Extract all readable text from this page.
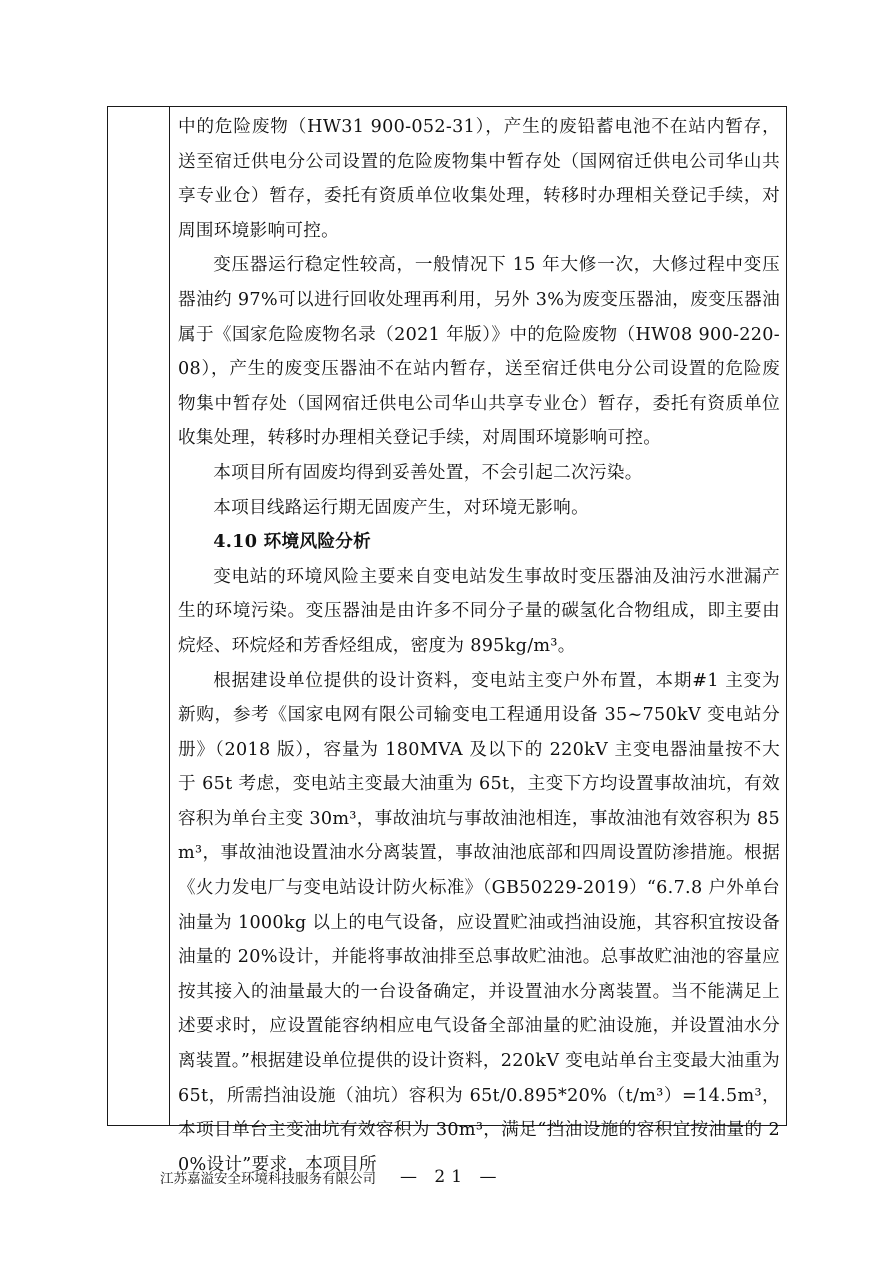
中的危险废物（HW31 900-052-31），产生的废铅蓄电池不在站内暂存，送至宿迁供电分公司设置的危险废物集中暂存处（国网宿迁供电公司华山共享专业仓）暂存，委托有资质单位收集处理，转移时办理相关登记手续，对周围环境影响可控。

变压器运行稳定性较高，一般情况下 15 年大修一次，大修过程中变压器油约 97%可以进行回收处理再利用，另外 3%为废变压器油，废变压器油属于《国家危险废物名录（2021 年版）》中的危险废物（HW08 900-220-08），产生的废变压器油不在站内暂存，送至宿迁供电分公司设置的危险废物集中暂存处（国网宿迁供电公司华山共享专业仓）暂存，委托有资质单位收集处理，转移时办理相关登记手续，对周围环境影响可控。

本项目所有固废均得到妥善处置，不会引起二次污染。

本项目线路运行期无固废产生，对环境无影响。

4.10 环境风险分析

变电站的环境风险主要来自变电站发生事故时变压器油及油污水泄漏产生的环境污染。变压器油是由许多不同分子量的碳氢化合物组成，即主要由烷烃、环烷烃和芳香烃组成，密度为 895kg/m³。

根据建设单位提供的设计资料，变电站主变户外布置，本期#1 主变为新购，参考《国家电网有限公司输变电工程通用设备 35~750kV 变电站分册》（2018 版），容量为 180MVA 及以下的 220kV 主变电器油量按不大于 65t 考虑，变电站主变最大油重为 65t，主变下方均设置事故油坑，有效容积为单台主变 30m³，事故油坑与事故油池相连，事故油池有效容积为 85m³，事故油池设置油水分离装置，事故油池底部和四周设置防渗措施。根据《火力发电厂与变电站设计防火标准》（GB50229-2019）“6.7.8 户外单台油量为 1000kg 以上的电气设备，应设置贮油或挡油设施，其容积宜按设备油量的 20%设计，并能将事故油排至总事故贮油池。总事故贮油池的容量应按其接入的油量最大的一台设备确定，并设置油水分离装置。当不能满足上述要求时，应设置能容纳相应电气设备全部油量的贮油设施，并设置油水分离装置。”根据建设单位提供的设计资料，220kV 变电站单台主变最大油重为 65t，所需挡油设施（油坑）容积为 65t/0.895*20%（t/m³）=14.5m³，本项目单台主变油坑有效容积为 30m³，满足“挡油设施的容积宜按油量的 20%设计”要求，本项目所

江苏嘉溢安全环境科技服务有限公司 — 21 —
